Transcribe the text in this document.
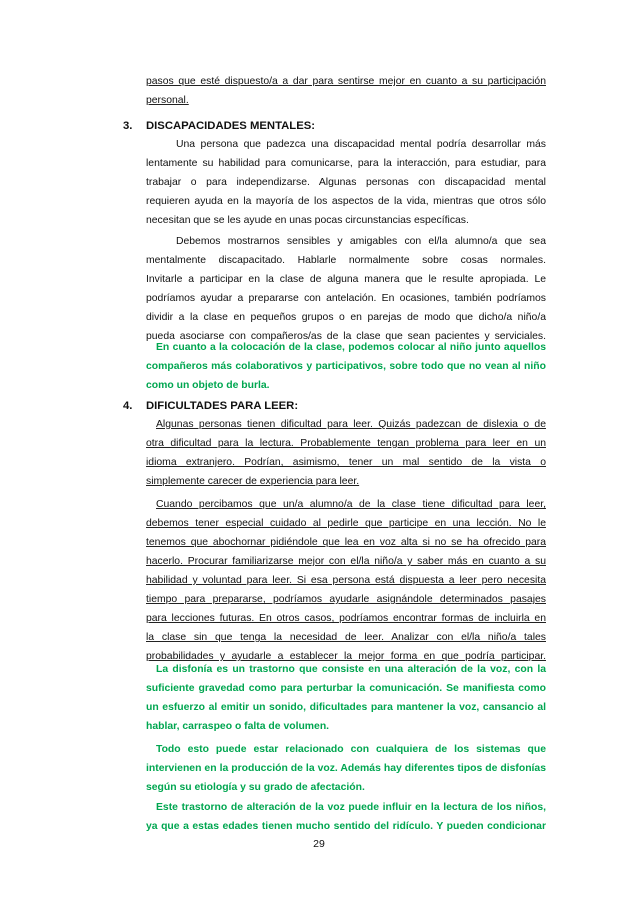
pasos que esté dispuesto/a a dar para sentirse mejor en cuanto a su participación
personal.
3. DISCAPACIDADES MENTALES:
Una persona que padezca una discapacidad mental podría desarrollar más
lentamente su habilidad para comunicarse, para la interacción, para estudiar, para
trabajar o para independizarse. Algunas personas con discapacidad mental
requieren ayuda en la mayoría de los aspectos de la vida, mientras que otros sólo
necesitan que se les ayude en unas pocas circunstancias específicas.
Debemos mostrarnos sensibles y amigables con el/la alumno/a que sea
mentalmente discapacitado. Hablarle normalmente sobre cosas normales.
Invitarle a participar en la clase de alguna manera que le resulte apropiada. Le
podríamos ayudar a prepararse con antelación. En ocasiones, también podríamos
dividir a la clase en pequeños grupos o en parejas de modo que dicho/a niño/a
pueda asociarse con compañeros/as de la clase que sean pacientes y serviciales.
En cuanto a la colocación de la clase, podemos colocar al niño junto aquellos
compañeros más colaborativos y participativos, sobre todo que no vean al niño
como un objeto de burla.
4. DIFICULTADES PARA LEER:
Algunas personas tienen dificultad para leer. Quizás padezcan de dislexia o de
otra dificultad para la lectura. Probablemente tengan problema para leer en un
idioma extranjero. Podrían, asimismo, tener un mal sentido de la vista o
simplemente carecer de experiencia para leer.
Cuando percibamos que un/a alumno/a de la clase tiene dificultad para leer,
debemos tener especial cuidado al pedirle que participe en una lección. No le
tenemos que abochornar pidiéndole que lea en voz alta si no se ha ofrecido para
hacerlo. Procurar familiarizarse mejor con el/la niño/a y saber más en cuanto a su
habilidad y voluntad para leer. Si esa persona está dispuesta a leer pero necesita
tiempo para prepararse, podríamos ayudarle asignándole determinados pasajes
para lecciones futuras. En otros casos, podríamos encontrar formas de incluirla en
la clase sin que tenga la necesidad de leer. Analizar con el/la niño/a tales
probabilidades y ayudarle a establecer la mejor forma en que podría participar.
La disfonía es un trastorno que consiste en una alteración de la voz, con la
suficiente gravedad como para perturbar la comunicación. Se manifiesta como
un esfuerzo al emitir un sonido, dificultades para mantener la voz, cansancio al
hablar, carraspeo o falta de volumen.
Todo esto puede estar relacionado con cualquiera de los sistemas que
intervienen en la producción de la voz. Además hay diferentes tipos de disfonías
según su etiología y su grado de afectación.
Este trastorno de alteración de la voz puede influir en la lectura de los niños,
ya que a estas edades tienen mucho sentido del ridículo. Y pueden condicionar
29
